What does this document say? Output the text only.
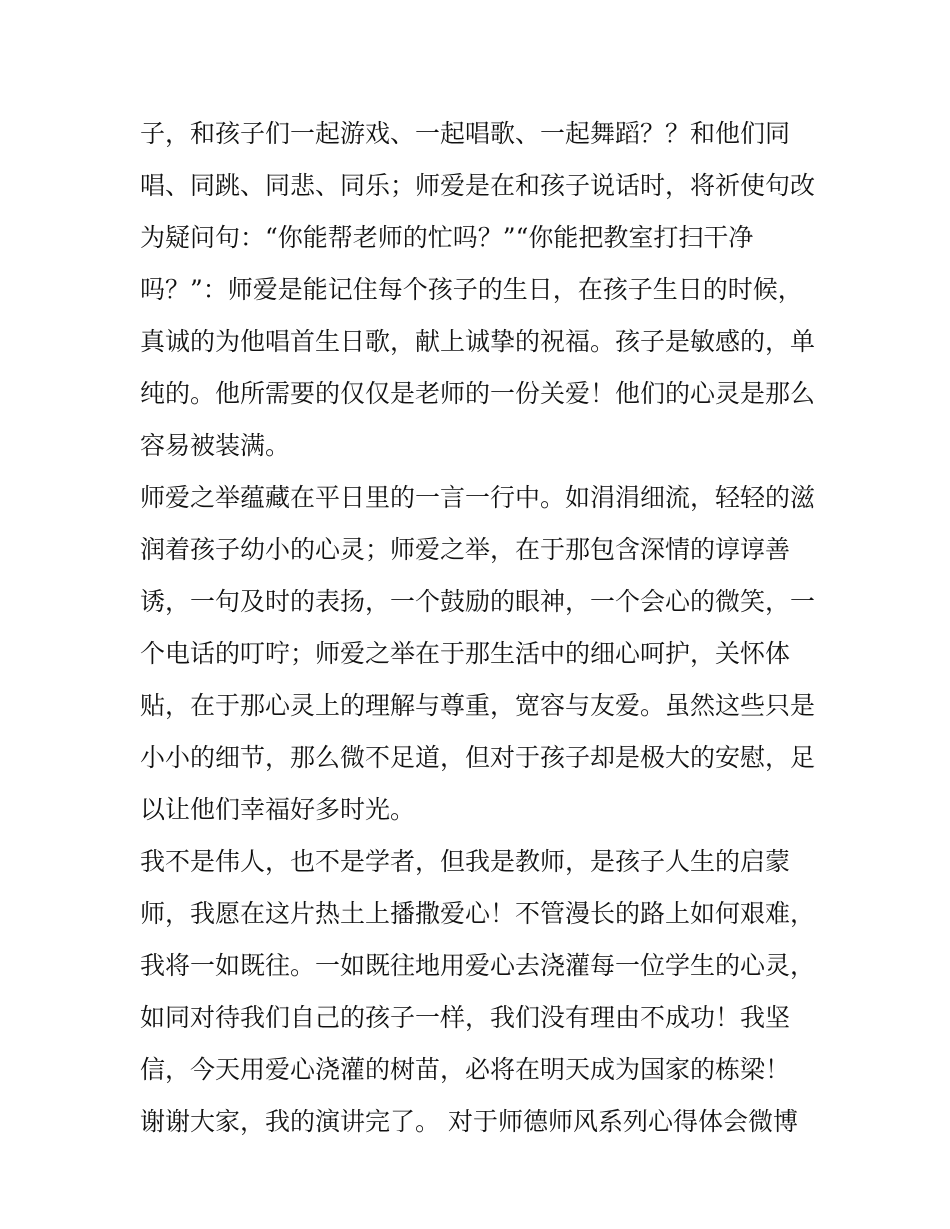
子，和孩子们一起游戏、一起唱歌、一起舞蹈？？和他们同
唱、同跳、同悲、同乐；师爱是在和孩子说话时，将祈使句改
为疑问句：“你能帮老师的忙吗？”“你能把教室打扫干净
吗？”：师爱是能记住每个孩子的生日，在孩子生日的时候，
真诚的为他唱首生日歌，献上诚挚的祝福。孩子是敏感的，单
纯的。他所需要的仅仅是老师的一份关爱！他们的心灵是那么
容易被装满。
师爱之举蕴藏在平日里的一言一行中。如涓涓细流，轻轻的滋
润着孩子幼小的心灵；师爱之举，在于那包含深情的谆谆善
诱，一句及时的表扬，一个鼓励的眼神，一个会心的微笑，一
个电话的叮咛；师爱之举在于那生活中的细心呵护，关怀体
贴，在于那心灵上的理解与尊重，宽容与友爱。虽然这些只是
小小的细节，那么微不足道，但对于孩子却是极大的安慰，足
以让他们幸福好多时光。
我不是伟人，也不是学者，但我是教师，是孩子人生的启蒙
师，我愿在这片热土上播撒爱心！不管漫长的路上如何艰难，
我将一如既往。一如既往地用爱心去浇灌每一位学生的心灵，
如同对待我们自己的孩子一样，我们没有理由不成功！我坚
信，今天用爱心浇灌的树苗，必将在明天成为国家的栋梁！
谢谢大家，我的演讲完了。 对于师德师风系列心得体会微博
